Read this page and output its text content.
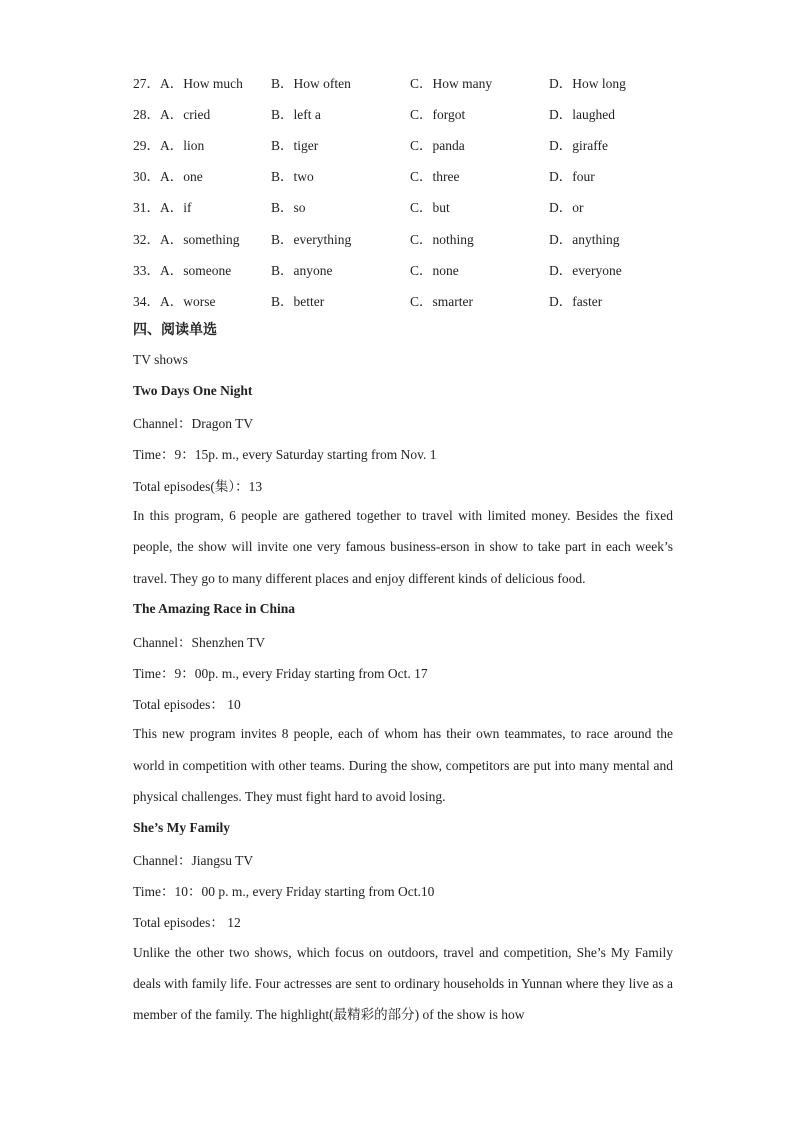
27．A．How much	B．How often	C．How many	D．How long
28．A．cried	B．left a	C．forgot	D．laughed
29．A．lion	B．tiger	C．panda	D．giraffe
30．A．one	B．two	C．three	D．four
31．A．if	B．so	C．but	D．or
32．A．something	B．everything	C．nothing	D．anything
33．A．someone	B．anyone	C．none	D．everyone
34．A．worse	B．better	C．smarter	D．faster
四、阅读单选
TV shows
Two Days One Night
Channel：Dragon TV
Time：9：15p. m., every Saturday starting from Nov. 1
Total episodes(集）：13
In this program, 6 people are gathered together to travel with limited money. Besides the fixed people, the show will invite one very famous business-erson in show to take part in each week’s travel. They go to many different places and enjoy different kinds of delicious food.
The Amazing Race in China
Channel：Shenzhen TV
Time：9：00p. m., every Friday starting from Oct. 17
Total episodes： 10
This new program invites 8 people, each of whom has their own teammates, to race around the world in competition with other teams. During the show, competitors are put into many mental and physical challenges. They must fight hard to avoid losing.
She’s My Family
Channel：Jiangsu TV
Time：10：00 p. m., every Friday starting from Oct.10
Total episodes： 12
Unlike the other two shows, which focus on outdoors, travel and competition, She’s My Family deals with family life. Four actresses are sent to ordinary households in Yunnan where they live as a member of the family. The highlight(最精彩的部分) of the show is how
